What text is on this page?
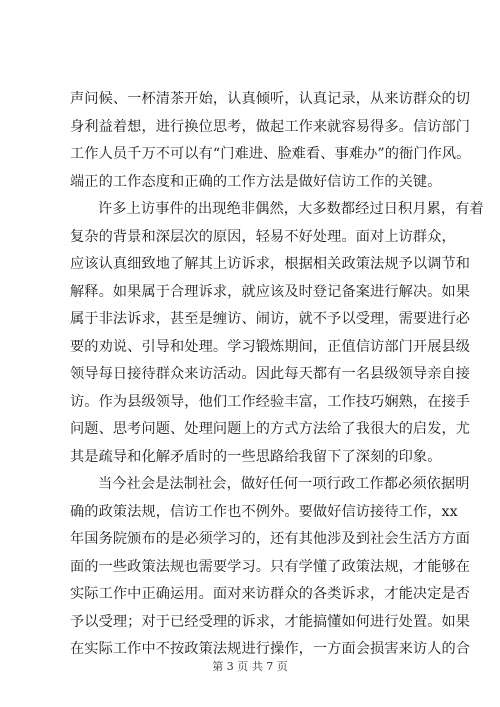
声问候、一杯清茶开始，认真倾听，认真记录，从来访群众的切
身利益着想，进行换位思考，做起工作来就容易得多。信访部门
工作人员千万不可以有“门难进、脸难看、事难办”的衙门作风。
端正的工作态度和正确的工作方法是做好信访工作的关键。
许多上访事件的出现绝非偶然，大多数都经过日积月累，有着
复杂的背景和深层次的原因，轻易不好处理。面对上访群众，
应该认真细致地了解其上访诉求，根据相关政策法规予以调节和
解释。如果属于合理诉求，就应该及时登记备案进行解决。如果
属于非法诉求，甚至是缠访、闹访，就不予以受理，需要进行必
要的劝说、引导和处理。学习锻炼期间，正值信访部门开展县级
领导每日接待群众来访活动。因此每天都有一名县级领导亲自接
访。作为县级领导，他们工作经验丰富，工作技巧娴熟，在接手
问题、思考问题、处理问题上的方式方法给了我很大的启发，尤
其是疏导和化解矛盾时的一些思路给我留下了深刻的印象。
当今社会是法制社会，做好任何一项行政工作都必须依据明
确的政策法规，信访工作也不例外。要做好信访接待工作，xx
年国务院颁布的是必须学习的，还有其他涉及到社会生活方方面
面的一些政策法规也需要学习。只有学懂了政策法规，才能够在
实际工作中正确运用。面对来访群众的各类诉求，才能决定是否
予以受理；对于已经受理的诉求，才能搞懂如何进行处置。如果
在实际工作中不按政策法规进行操作，一方面会损害来访人的合
第 3 页 共 7 页
